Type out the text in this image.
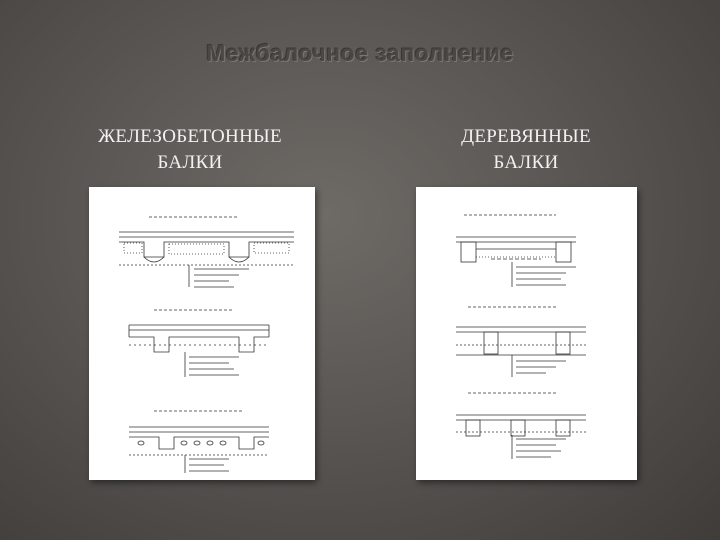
Межбалочное заполнение
ЖЕЛЕЗОБЕТОННЫЕ
БАЛКИ
ДЕРЕВЯННЫЕ
БАЛКИ
